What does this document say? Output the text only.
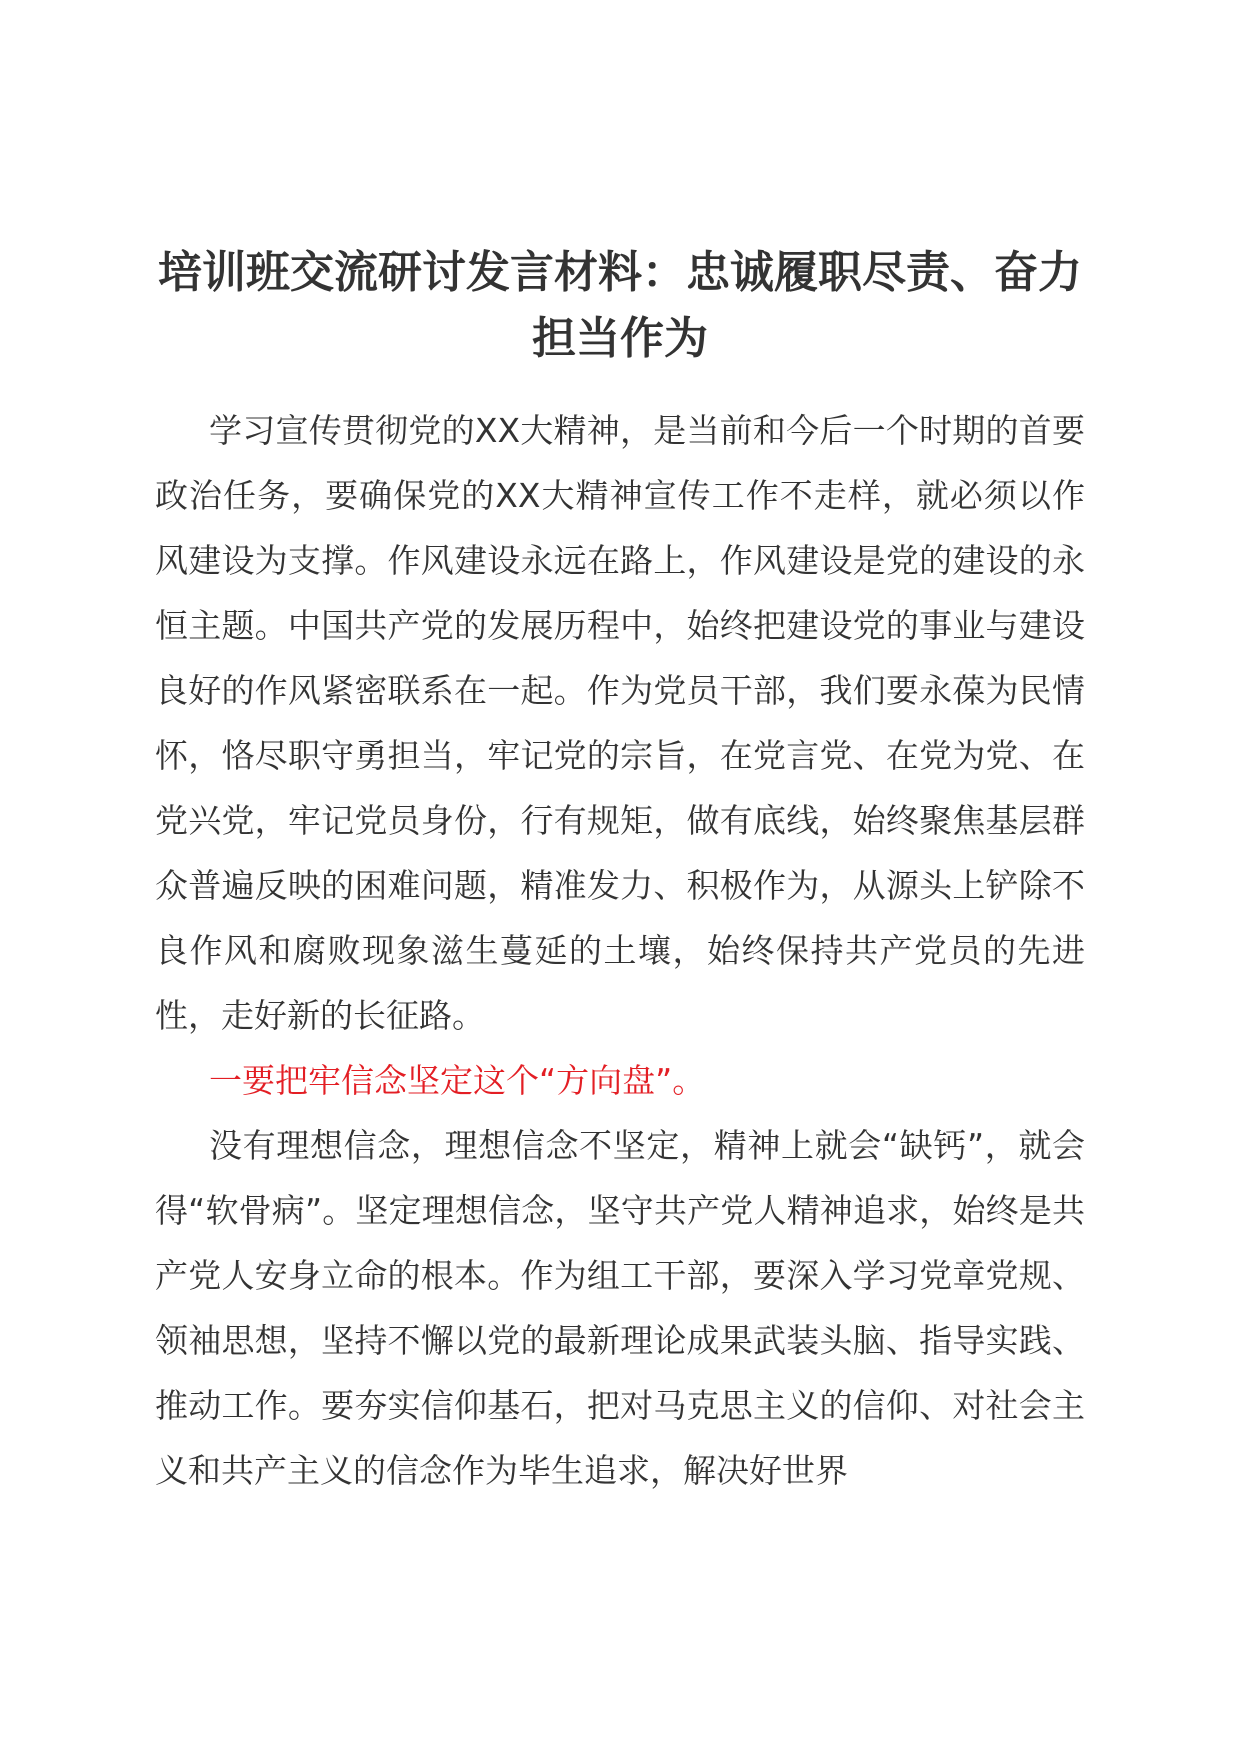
培训班交流研讨发言材料：忠诚履职尽责、奋力担当作为

学习宣传贯彻党的XX大精神，是当前和今后一个时期的首要政治任务，要确保党的XX大精神宣传工作不走样，就必须以作风建设为支撑。作风建设永远在路上，作风建设是党的建设的永恒主题。中国共产党的发展历程中，始终把建设党的事业与建设良好的作风紧密联系在一起。作为党员干部，我们要永葆为民情怀，恪尽职守勇担当，牢记党的宗旨，在党言党、在党为党、在党兴党，牢记党员身份，行有规矩，做有底线，始终聚焦基层群众普遍反映的困难问题，精准发力、积极作为，从源头上铲除不良作风和腐败现象滋生蔓延的土壤，始终保持共产党员的先进性，走好新的长征路。

一要把牢信念坚定这个“方向盘”。

没有理想信念，理想信念不坚定，精神上就会“缺钙”，就会得“软骨病”。坚定理想信念，坚守共产党人精神追求，始终是共产党人安身立命的根本。作为组工干部，要深入学习党章党规、领袖思想，坚持不懈以党的最新理论成果武装头脑、指导实践、推动工作。要夯实信仰基石，把对马克思主义的信仰、对社会主义和共产主义的信念作为毕生追求，解决好世界
